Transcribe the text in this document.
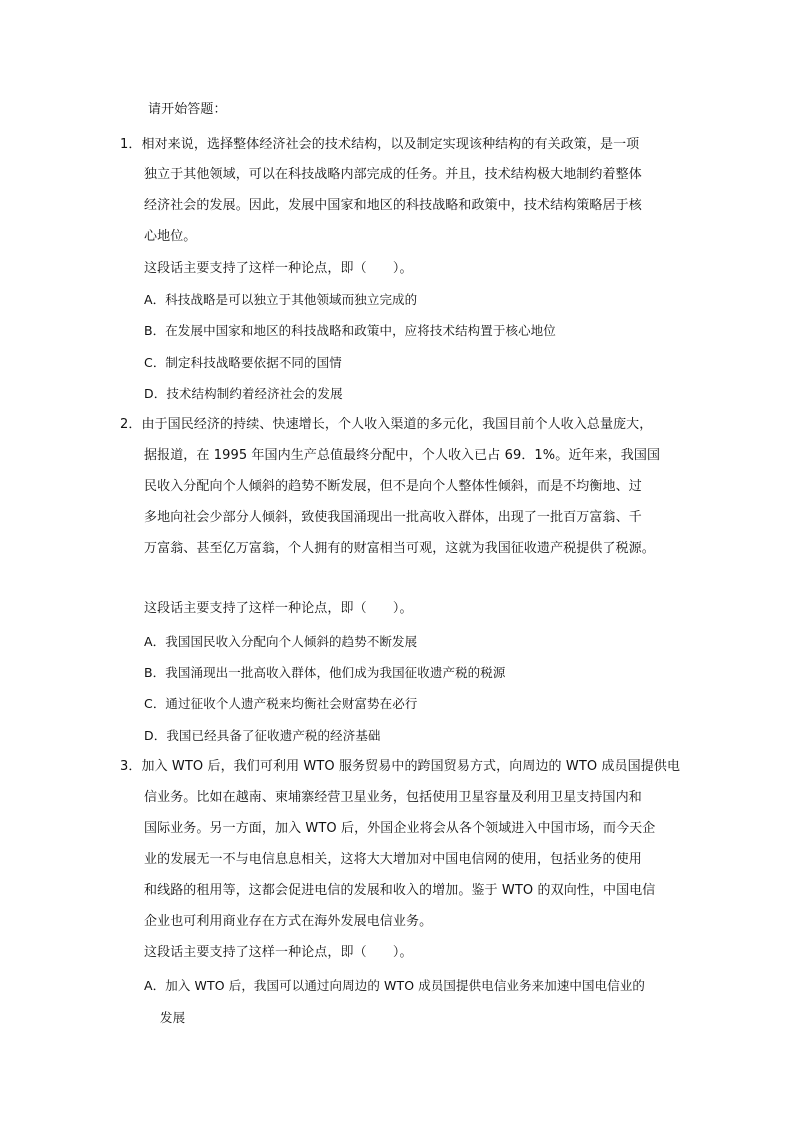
请开始答题：
1．相对来说，选择整体经济社会的技术结构，以及制定实现该种结构的有关政策，是一项
独立于其他领域，可以在科技战略内部完成的任务。并且，技术结构极大地制约着整体
经济社会的发展。因此，发展中国家和地区的科技战略和政策中，技术结构策略居于核
心地位。
这段话主要支持了这样一种论点，即（　　）。
A．科技战略是可以独立于其他领域而独立完成的
B．在发展中国家和地区的科技战略和政策中，应将技术结构置于核心地位
C．制定科技战略要依据不同的国情
D．技术结构制约着经济社会的发展
2．由于国民经济的持续、快速增长，个人收入渠道的多元化，我国目前个人收入总量庞大，
据报道，在 1995 年国内生产总值最终分配中，个人收入已占 69．1%。近年来，我国国
民收入分配向个人倾斜的趋势不断发展，但不是向个人整体性倾斜，而是不均衡地、过
多地向社会少部分人倾斜，致使我国涌现出一批高收入群体，出现了一批百万富翁、千
万富翁、甚至亿万富翁，个人拥有的财富相当可观，这就为我国征收遗产税提供了税源。
这段话主要支持了这样一种论点，即（　　）。
A．我国国民收入分配向个人倾斜的趋势不断发展
B．我国涌现出一批高收入群体，他们成为我国征收遗产税的税源
C．通过征收个人遗产税来均衡社会财富势在必行
D．我国已经具备了征收遗产税的经济基础
3．加入 WTO 后，我们可利用 WTO 服务贸易中的跨国贸易方式，向周边的 WTO 成员国提供电
信业务。比如在越南、柬埔寨经营卫星业务，包括使用卫星容量及利用卫星支持国内和
国际业务。另一方面，加入 WTO 后，外国企业将会从各个领域进入中国市场，而今天企
业的发展无一不与电信息息相关，这将大大增加对中国电信网的使用，包括业务的使用
和线路的租用等，这都会促进电信的发展和收入的增加。鉴于 WTO 的双向性，中国电信
企业也可利用商业存在方式在海外发展电信业务。
这段话主要支持了这样一种论点，即（　　）。
A．加入 WTO 后，我国可以通过向周边的 WTO 成员国提供电信业务来加速中国电信业的
发展
